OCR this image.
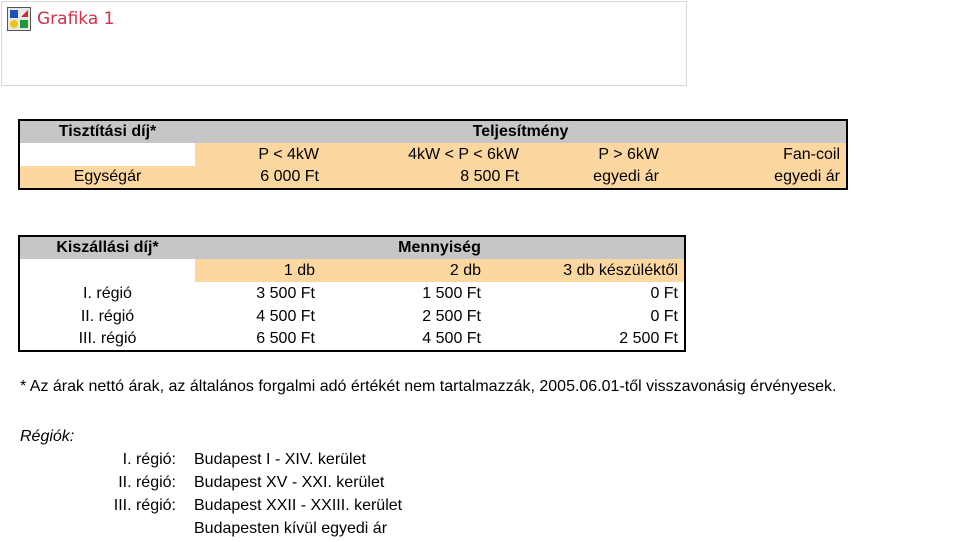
Grafika 1
Tisztítási díj*	Teljesítmény			
	P < 4kW	4kW < P < 6kW	P > 6kW	Fan-coil
Egységár	6 000 Ft	8 500 Ft	egyedi ár	egyedi ár
Kiszállási díj*	Mennyiség		
	1 db	2 db	3 db készüléktől
I. régió	3 500 Ft	1 500 Ft	0 Ft
II. régió	4 500 Ft	2 500 Ft	0 Ft
III. régió	6 500 Ft	4 500 Ft	2 500 Ft
* Az árak nettó árak, az általános forgalmi adó értékét nem tartalmazzák, 2005.06.01-től visszavonásig érvényesek.
Régiók:
I. régió: Budapest I - XIV. kerület
II. régió: Budapest XV - XXI. kerület
III. régió: Budapest XXII - XXIII. kerület
Budapesten kívül egyedi ár
